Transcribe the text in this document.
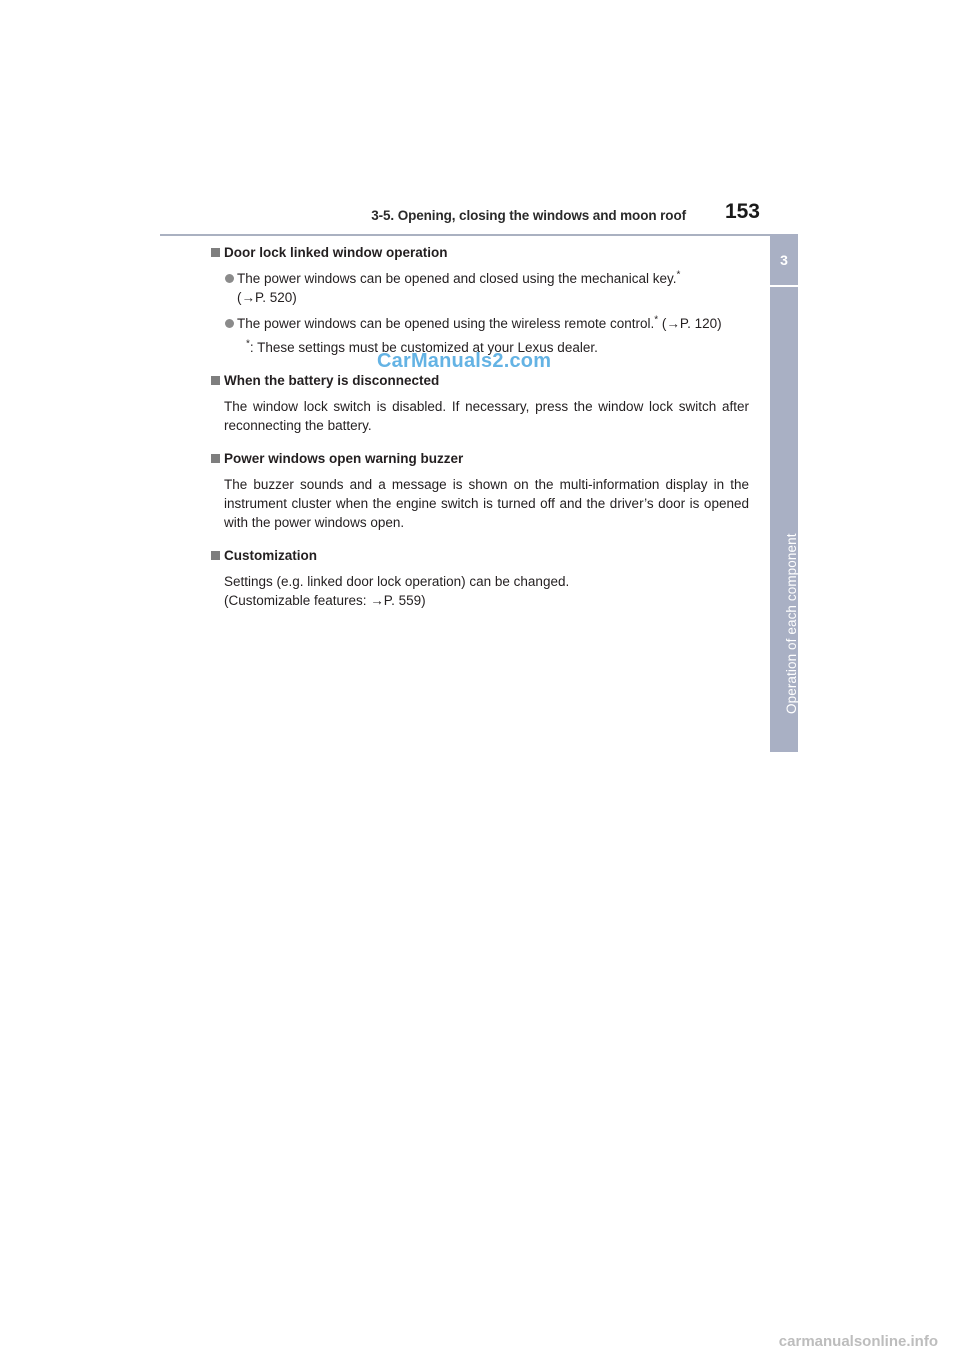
3-5. Opening, closing the windows and moon roof 153
3
Operation of each component
Door lock linked window operation
The power windows can be opened and closed using the mechanical key.*
(→P. 520)
The power windows can be opened using the wireless remote control.* (→P. 120)
*: These settings must be customized at your Lexus dealer.
When the battery is disconnected
The window lock switch is disabled. If necessary, press the window lock switch after reconnecting the battery.
Power windows open warning buzzer
The buzzer sounds and a message is shown on the multi-information display in the instrument cluster when the engine switch is turned off and the driver’s door is opened with the power windows open.
Customization
Settings (e.g. linked door lock operation) can be changed.
(Customizable features: →P. 559)
CarManuals2.com
carmanualsonline.info
